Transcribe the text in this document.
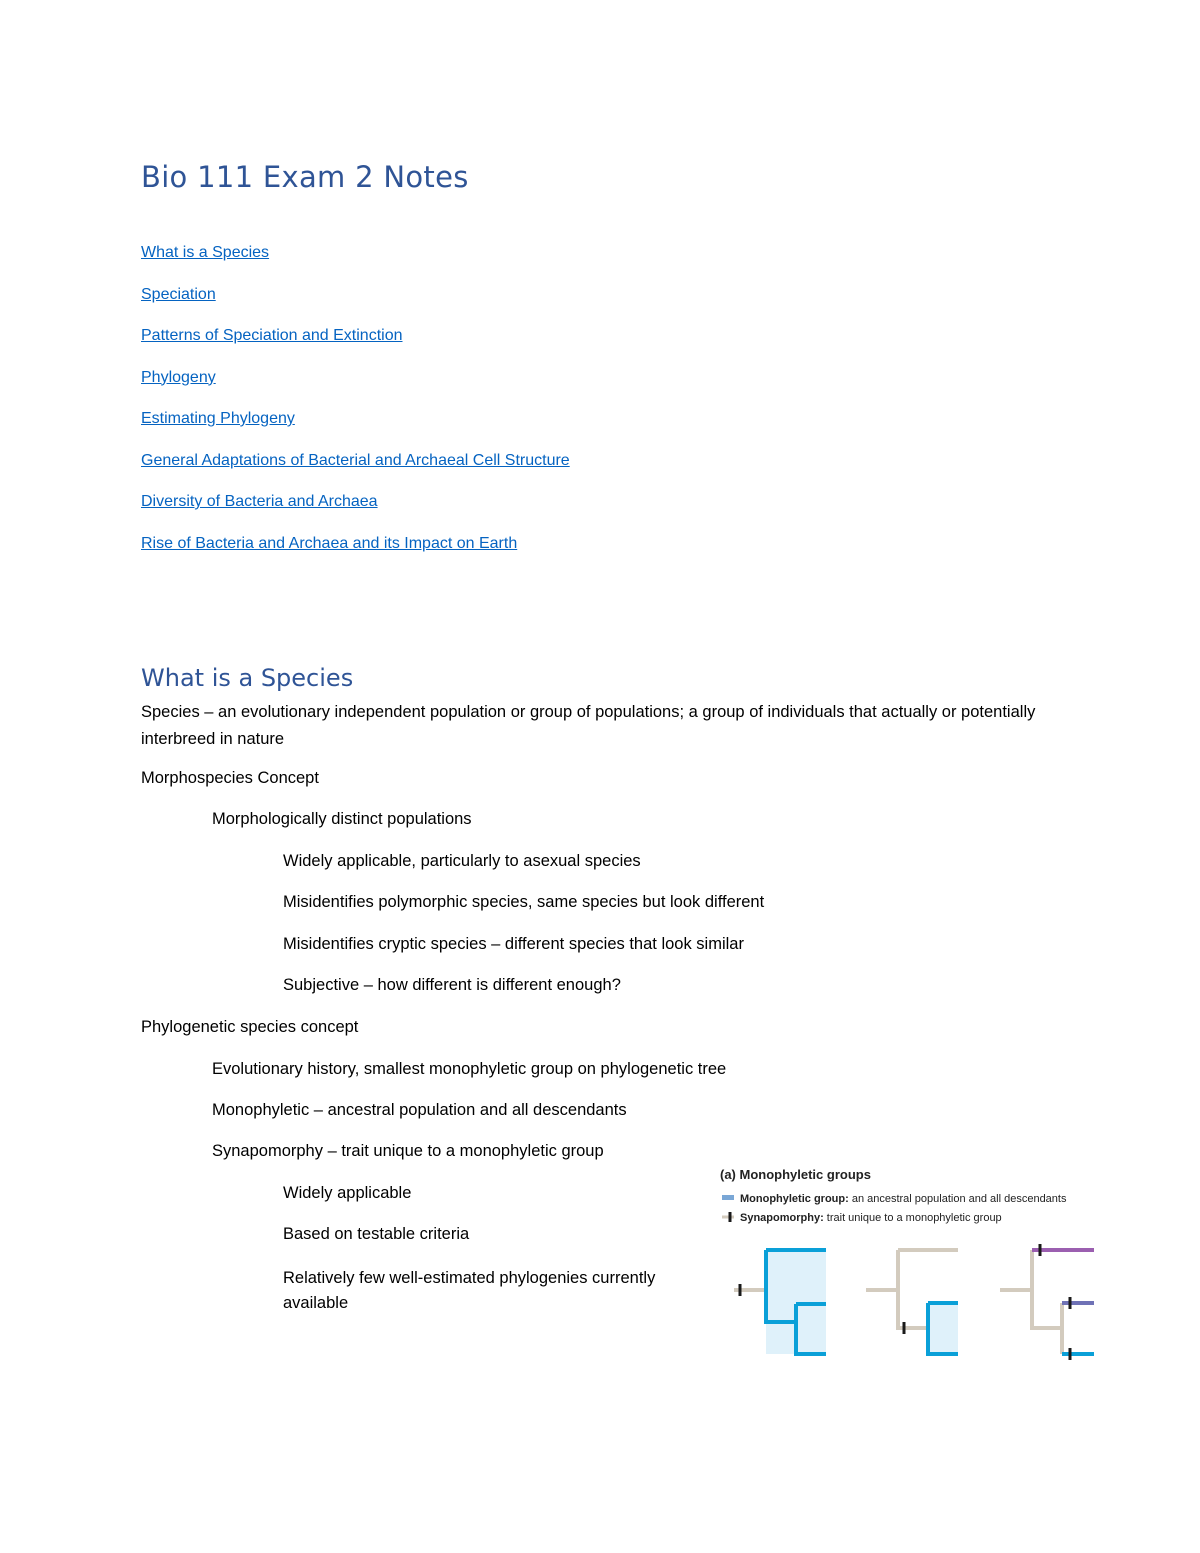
Bio 111 Exam 2 Notes
What is a Species
Speciation
Patterns of Speciation and Extinction
Phylogeny
Estimating Phylogeny
General Adaptations of Bacterial and Archaeal Cell Structure
Diversity of Bacteria and Archaea
Rise of Bacteria and Archaea and its Impact on Earth
What is a Species

Species – an evolutionary independent population or group of populations; a group of individuals that actually or potentially interbreed in nature

Morphospecies Concept

Morphologically distinct populations

Widely applicable, particularly to asexual species

Misidentifies polymorphic species, same species but look different

Misidentifies cryptic species – different species that look similar

Subjective – how different is different enough?

Phylogenetic species concept

Evolutionary history, smallest monophyletic group on phylogenetic tree

Monophyletic – ancestral population and all descendants

Synapomorphy – trait unique to a monophyletic group

Widely applicable

Based on testable criteria

Relatively few well-estimated phylogenies currently available

(a) Monophyletic groups
Monophyletic group: an ancestral population and all descendants
Synapomorphy: trait unique to a monophyletic group
